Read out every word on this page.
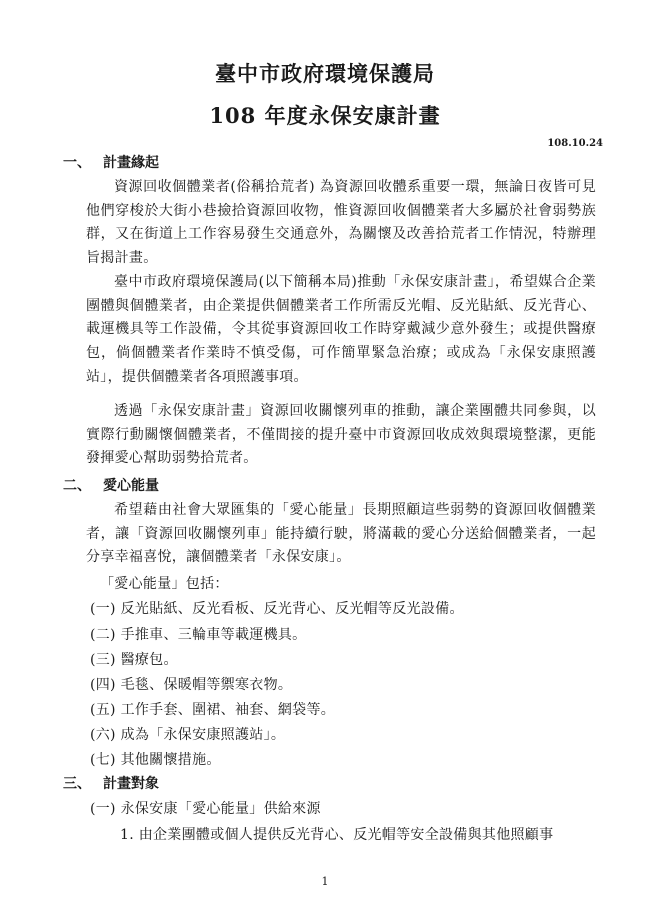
臺中市政府環境保護局
108 年度永保安康計畫
108.10.24
一、 計畫緣起

資源回收個體業者(俗稱拾荒者) 為資源回收體系重要一環，無論日夜皆可見他們穿梭於大街小巷撿拾資源回收物，惟資源回收個體業者大多屬於社會弱勢族群，又在街道上工作容易發生交通意外，為關懷及改善拾荒者工作情況，特辦理旨揭計畫。

臺中市政府環境保護局(以下簡稱本局)推動「永保安康計畫」，希望媒合企業團體與個體業者，由企業提供個體業者工作所需反光帽、反光貼紙、反光背心、載運機具等工作設備，令其從事資源回收工作時穿戴減少意外發生；或提供醫療包，倘個體業者作業時不慎受傷，可作簡單緊急治療；或成為「永保安康照護站」，提供個體業者各項照護事項。

透過「永保安康計畫」資源回收關懷列車的推動，讓企業團體共同參與，以實際行動關懷個體業者，不僅間接的提升臺中市資源回收成效與環境整潔，更能發揮愛心幫助弱勢拾荒者。

二、 愛心能量

希望藉由社會大眾匯集的「愛心能量」長期照顧這些弱勢的資源回收個體業者，讓「資源回收關懷列車」能持續行駛，將滿載的愛心分送給個體業者，一起分享幸福喜悅，讓個體業者「永保安康」。

「愛心能量」包括：
(一) 反光貼紙、反光看板、反光背心、反光帽等反光設備。
(二) 手推車、三輪車等載運機具。
(三) 醫療包。
(四) 毛毯、保暖帽等禦寒衣物。
(五) 工作手套、圍裙、袖套、網袋等。
(六) 成為「永保安康照護站」。
(七) 其他關懷措施。
三、 計畫對象
(一) 永保安康「愛心能量」供給來源
1. 由企業團體或個人提供反光背心、反光帽等安全設備與其他照顧事
1
